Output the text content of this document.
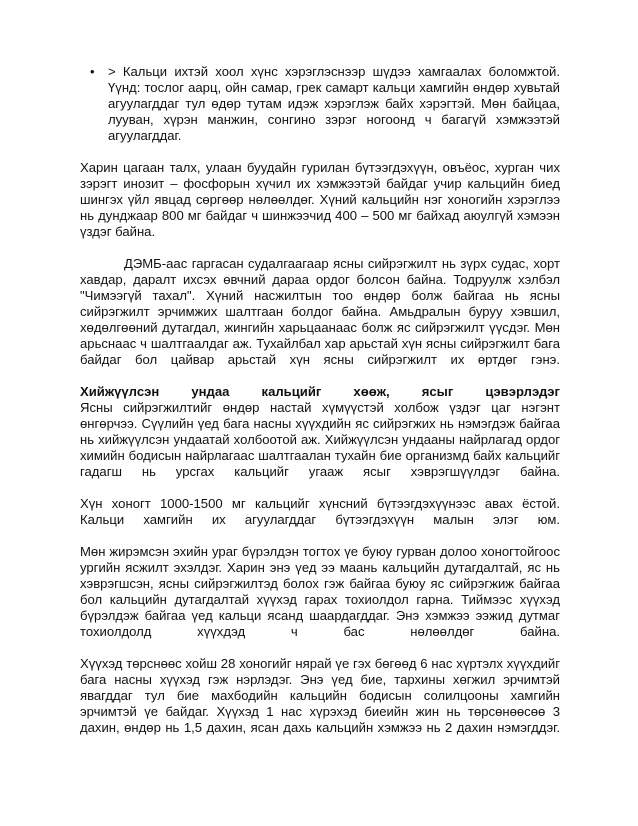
•	> Кальци ихтэй хоол хүнс хэрэглэснээр шүдээ хамгаалах боломжтой. Үүнд: тослог аарц, ойн самар, грек самарт кальци хамгийн өндөр хувьтай агуулагддаг тул өдөр тутам идэж хэрэглэж байх хэрэгтэй. Мөн байцаа, лууван, хүрэн манжин, сонгино зэрэг ногоонд ч багагүй хэмжээтэй агуулагддаг.

Харин цагаан талх, улаан буудайн гурилан бүтээгдэхүүн, овъёос, хурган чих зэрэгт инозит – фосфорын хүчил их хэмжээтэй байдаг учир кальцийн биед шингэх үйл явцад сөргөөр нөлөөлдөг. Хүний кальцийн нэг хоногийн хэрэглээ нь дунджаар 800 мг байдаг ч шинжээчид 400 – 500 мг байхад аюулгүй хэмээн үздэг байна.

ДЭМБ-аас гаргасан судалгаагаар ясны сийрэгжилт нь зүрх судас, хорт хавдар, даралт ихсэх өвчний дараа ордог болсон байна. Тодруулж хэлбэл "Чимээгүй тахал". Хүний насжилтын тоо өндөр болж байгаа нь ясны сийрэгжилт эрчимжих шалтгаан болдог байна. Амьдралын буруу хэвшил, хөдөлгөөний дутагдал, жингийн харьцаанаас болж яс сийрэгжилт үүсдэг. Мөн арьснаас ч шалтгаалдаг аж. Тухайлбал хар арьстай хүн ясны сийрэгжилт бага байдаг бол цайвар арьстай хүн ясны сийрэгжилт их өртдөг гэнэ.

Хийжүүлсэн ундаа кальцийг хөөж, ясыг цэвэрлэдэг

Ясны сийрэгжилтийг өндөр настай хүмүүстэй холбож үздэг цаг нэгэнт өнгөрчээ. Сүүлийн үед бага насны хүүхдийн яс сийрэгжих нь нэмэгдэж байгаа нь хийжүүлсэн ундаатай холбоотой аж. Хийжүүлсэн ундааны найрлагад ордог химийн бодисын найрлагаас шалтгаалан тухайн бие организмд байх кальцийг гадагш нь урсгах кальцийг угааж ясыг хэврэгшүүлдэг байна.

Хүн хоногт 1000-1500 мг кальцийг хүнсний бүтээгдэхүүнээс авах ёстой. Кальци хамгийн их агуулагддаг бүтээгдэхүүн малын элэг юм.

Мөн жирэмсэн эхийн ураг бүрэлдэн тогтох үе буюу гурван долоо хоногтойгоос ургийн ясжилт эхэлдэг. Харин энэ үед ээ маань кальцийн дутагдалтай, яс нь хэврэгшсэн, ясны сийрэгжилтэд болох гэж байгаа буюу яс сийрэгжиж байгаа бол кальцийн дутагдалтай хүүхэд гарах тохиолдол гарна. Тиймээс хүүхэд бүрэлдэж байгаа үед кальци ясанд шаардагддаг. Энэ хэмжээ ээжид дутмаг тохиолдолд хүүхдэд ч бас нөлөөлдөг байна.

Хүүхэд төрснөөс хойш 28 хоногийг нярай үе гэх бөгөөд 6 нас хүртэлх хүүхдийг бага насны хүүхэд гэж нэрлэдэг. Энэ үед бие, тархины хөгжил эрчимтэй явагддаг тул бие махбодийн кальцийн бодисын солилцооны хамгийн эрчимтэй үе байдаг. Хүүхэд 1 нас хүрэхэд биеийн жин нь төрсөнөөсөө 3 дахин, өндөр нь 1,5 дахин, ясан дахь кальцийн хэмжээ нь 2 дахин нэмэгддэг.
